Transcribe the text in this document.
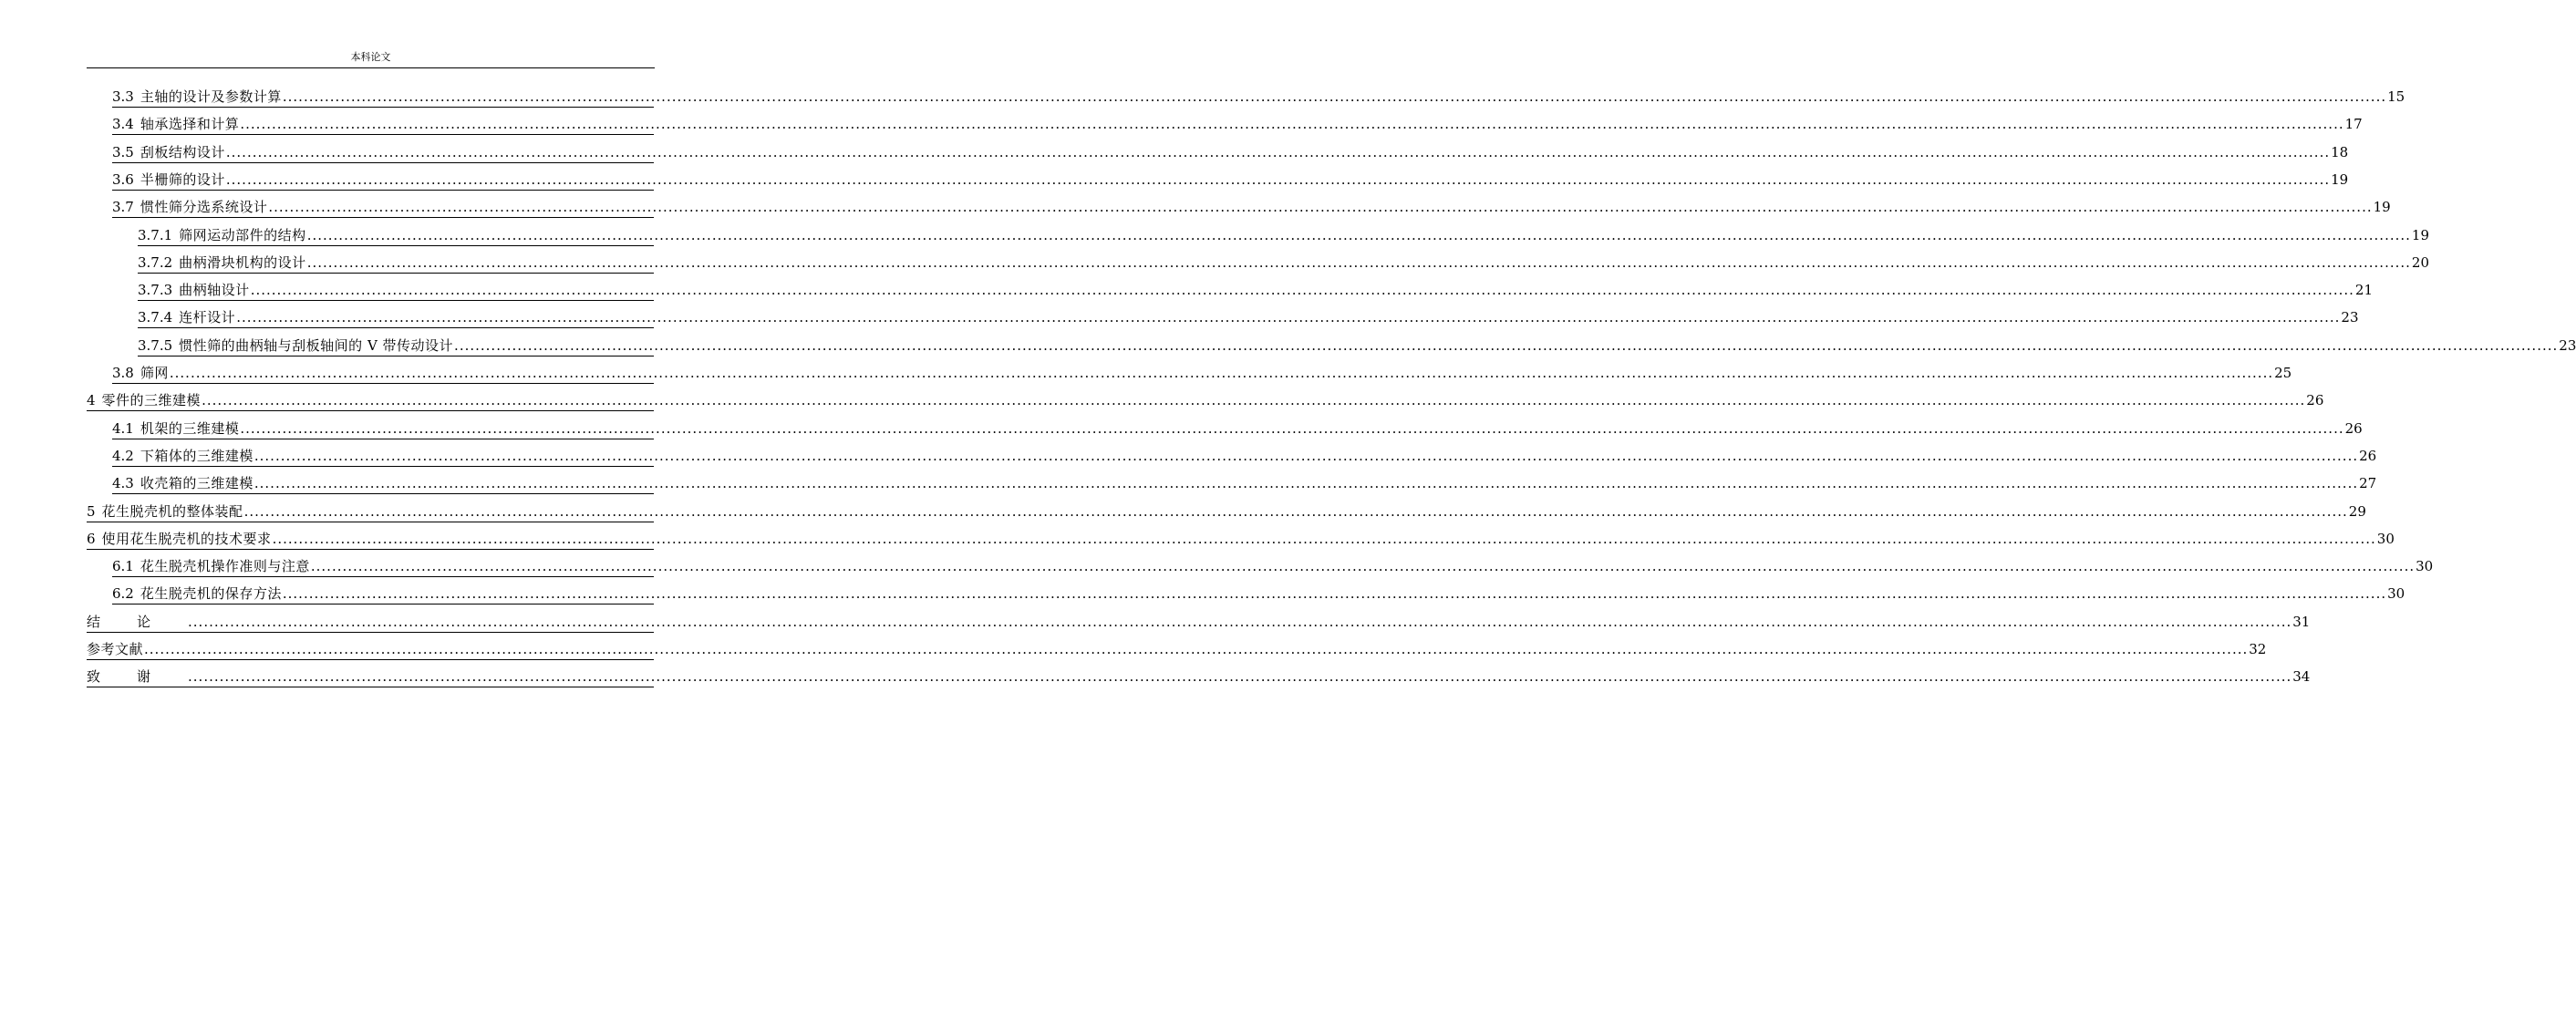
本科论文
3.3 主轴的设计及参数计算 ................................................................................................................................................................................................................................................................................................................................................................................................................ 15
3.4 轴承选择和计算 ................................................................................................................................................................................................................................................................................................................................................................................................................ 17
3.5 刮板结构设计 ................................................................................................................................................................................................................................................................................................................................................................................................................ 18
3.6 半栅筛的设计 ................................................................................................................................................................................................................................................................................................................................................................................................................ 19
3.7 惯性筛分选系统设计 ................................................................................................................................................................................................................................................................................................................................................................................................................ 19
3.7.1 筛网运动部件的结构 ................................................................................................................................................................................................................................................................................................................................................................................................................ 19
3.7.2 曲柄滑块机构的设计 ................................................................................................................................................................................................................................................................................................................................................................................................................ 20
3.7.3 曲柄轴设计 ................................................................................................................................................................................................................................................................................................................................................................................................................ 21
3.7.4 连杆设计 ................................................................................................................................................................................................................................................................................................................................................................................................................ 23
3.7.5 惯性筛的曲柄轴与刮板轴间的 V 带传动设计 ................................................................................................................................................................................................................................................................................................................................................................................................................ 23
3.8 筛网 ................................................................................................................................................................................................................................................................................................................................................................................................................ 25
4 零件的三维建模 ................................................................................................................................................................................................................................................................................................................................................................................................................ 26
4.1 机架的三维建模 ................................................................................................................................................................................................................................................................................................................................................................................................................ 26
4.2 下箱体的三维建模 ................................................................................................................................................................................................................................................................................................................................................................................................................ 26
4.3 收壳箱的三维建模 ................................................................................................................................................................................................................................................................................................................................................................................................................ 27
5 花生脱壳机的整体装配 ................................................................................................................................................................................................................................................................................................................................................................................................................ 29
6 使用花生脱壳机的技术要求 ................................................................................................................................................................................................................................................................................................................................................................................................................ 30
6.1 花生脱壳机操作准则与注意 ................................................................................................................................................................................................................................................................................................................................................................................................................ 30
6.2 花生脱壳机的保存方法 ................................................................................................................................................................................................................................................................................................................................................................................................................ 30
结论 ................................................................................................................................................................................................................................................................................................................................................................................................................ 31
参考文献 ................................................................................................................................................................................................................................................................................................................................................................................................................ 32
致谢 ................................................................................................................................................................................................................................................................................................................................................................................................................ 34
